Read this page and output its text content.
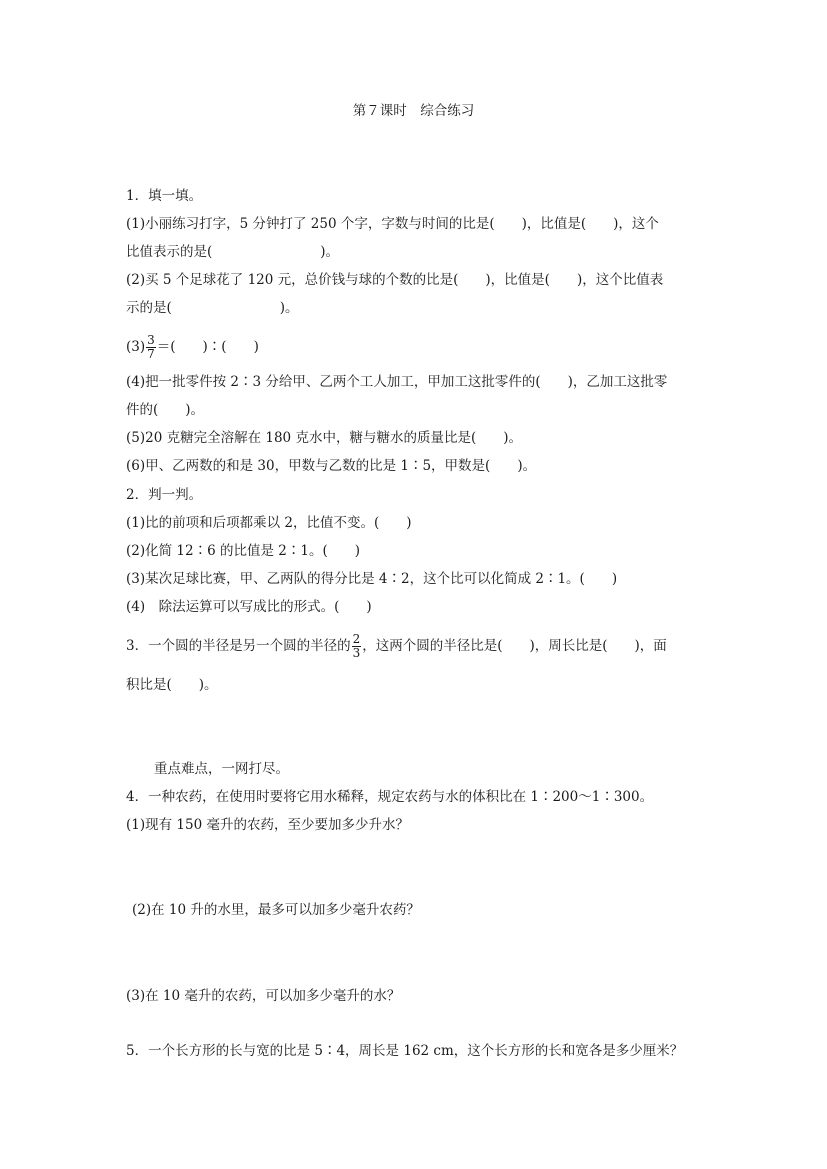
第７课时　综合练习
1．填一填。
(1)小丽练习打字，5 分钟打了 250 个字，字数与时间的比是(　　)，比值是(　　)，这个
比值表示的是(　　　　　　　　)。
(2)买 5 个足球花了 120 元，总价钱与球的个数的比是(　　)，比值是(　　)，这个比值表
示的是(　　　　　　　　)。
$(3) \frac{3}{7}$ ＝(　　)∶(　　)
(4)把一批零件按 2∶3 分给甲、乙两个工人加工，甲加工这批零件的(　　)，乙加工这批零
件的(　　)。
(5)20 克糖完全溶解在 180 克水中，糖与糖水的质量比是(　　)。
(6)甲、乙两数的和是 30，甲数与乙数的比是 1∶5，甲数是(　　)。
2．判一判。
(1)比的前项和后项都乘以 2，比值不变。(　　)
(2)化简 12∶6 的比值是 2∶1。(　　)
(3)某次足球比赛，甲、乙两队的得分比是 4∶2，这个比可以化简成 2∶1。(　　)
(4)　除法运算可以写成比的形式。(　　)
3．一个圆的半径是另一个圆的半径的 $\frac{2}{3}$ ，这两个圆的半径比是(　　)，周长比是(　　)，面
积比是(　　)。
重点难点，一网打尽。
4．一种农药，在使用时要将它用水稀释，规定农药与水的体积比在 1∶200～1∶300。
(1)现有 150 毫升的农药，至少要加多少升水？
(2)在 10 升的水里，最多可以加多少毫升农药？
(3)在 10 毫升的农药，可以加多少毫升的水？
5．一个长方形的长与宽的比是 5∶4，周长是 162 cm，这个长方形的长和宽各是多少厘米？
